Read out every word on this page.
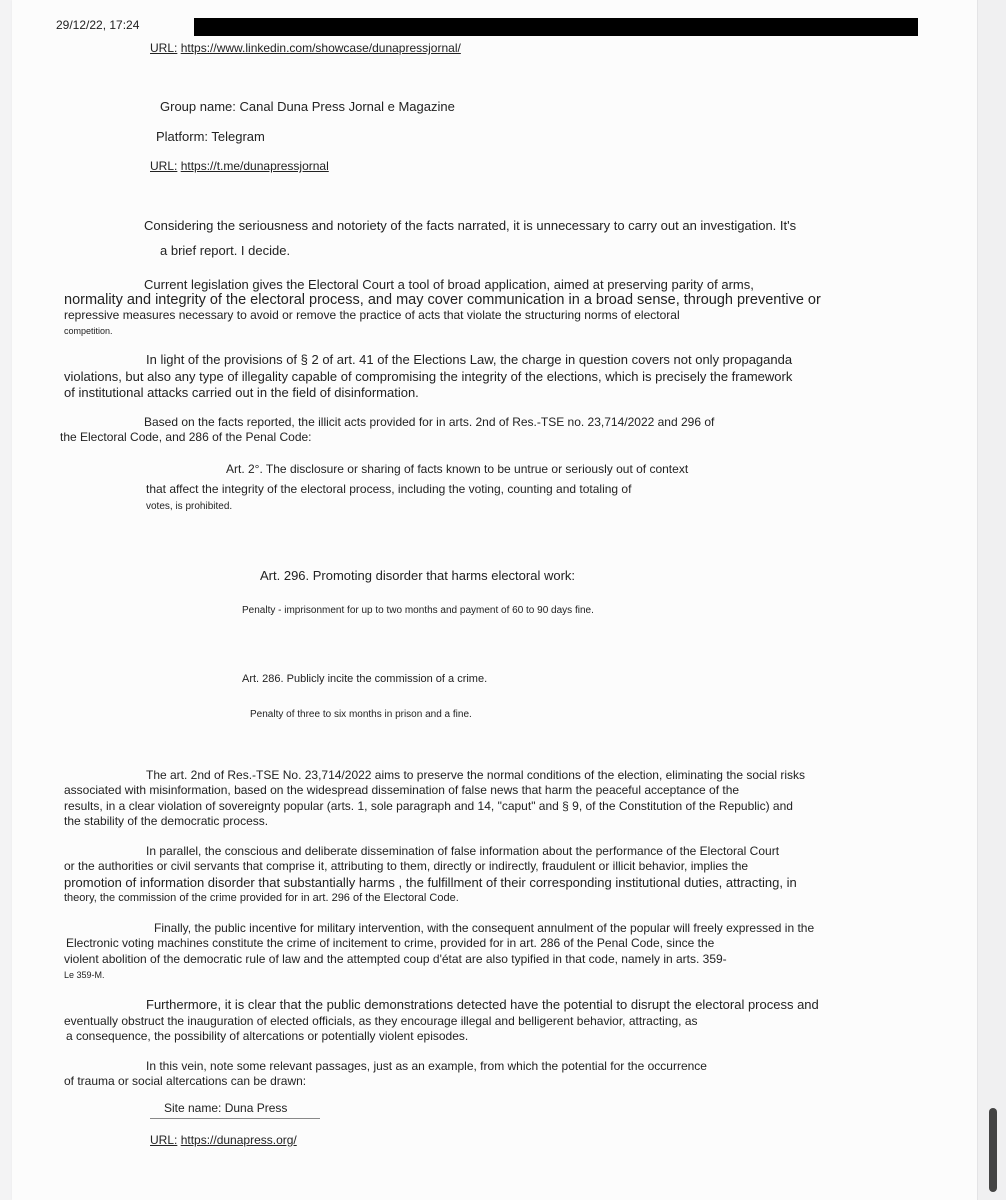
29/12/22, 17:24
URL: https://www.linkedin.com/showcase/dunapressjornal/
Group name: Canal Duna Press Jornal e Magazine
Platform: Telegram
URL: https://t.me/dunapressjornal
Considering the seriousness and notoriety of the facts narrated, it is unnecessary to carry out an investigation. It's
a brief report. I decide.
Current legislation gives the Electoral Court a tool of broad application, aimed at preserving parity of arms,
normality and integrity of the electoral process, and may cover communication in a broad sense, through preventive or
repressive measures necessary to avoid or remove the practice of acts that violate the structuring norms of electoral
competition.
In light of the provisions of § 2 of art. 41 of the Elections Law, the charge in question covers not only propaganda
violations, but also any type of illegality capable of compromising the integrity of the elections, which is precisely the framework
of institutional attacks carried out in the field of disinformation.
Based on the facts reported, the illicit acts provided for in arts. 2nd of Res.-TSE no. 23,714/2022 and 296 of
the Electoral Code, and 286 of the Penal Code:
Art. 2°. The disclosure or sharing of facts known to be untrue or seriously out of context
that affect the integrity of the electoral process, including the voting, counting and totaling of
votes, is prohibited.
Art. 296. Promoting disorder that harms electoral work:
Penalty - imprisonment for up to two months and payment of 60 to 90 days fine.
Art. 286. Publicly incite the commission of a crime.
Penalty of three to six months in prison and a fine.
The art. 2nd of Res.-TSE No. 23,714/2022 aims to preserve the normal conditions of the election, eliminating the social risks
associated with misinformation, based on the widespread dissemination of false news that harm the peaceful acceptance of the
results, in a clear violation of sovereignty popular (arts. 1, sole paragraph and 14, "caput" and § 9, of the Constitution of the Republic) and
the stability of the democratic process.
In parallel, the conscious and deliberate dissemination of false information about the performance of the Electoral Court
or the authorities or civil servants that comprise it, attributing to them, directly or indirectly, fraudulent or illicit behavior, implies the
promotion of information disorder that substantially harms , the fulfillment of their corresponding institutional duties, attracting, in
theory, the commission of the crime provided for in art. 296 of the Electoral Code.
Finally, the public incentive for military intervention, with the consequent annulment of the popular will freely expressed in the
Electronic voting machines constitute the crime of incitement to crime, provided for in art. 286 of the Penal Code, since the
violent abolition of the democratic rule of law and the attempted coup d'état are also typified in that code, namely in arts. 359-
Le 359-M.
Furthermore, it is clear that the public demonstrations detected have the potential to disrupt the electoral process and
eventually obstruct the inauguration of elected officials, as they encourage illegal and belligerent behavior, attracting, as
a consequence, the possibility of altercations or potentially violent episodes.
In this vein, note some relevant passages, just as an example, from which the potential for the occurrence
of trauma or social altercations can be drawn:
Site name: Duna Press
URL: https://dunapress.org/
